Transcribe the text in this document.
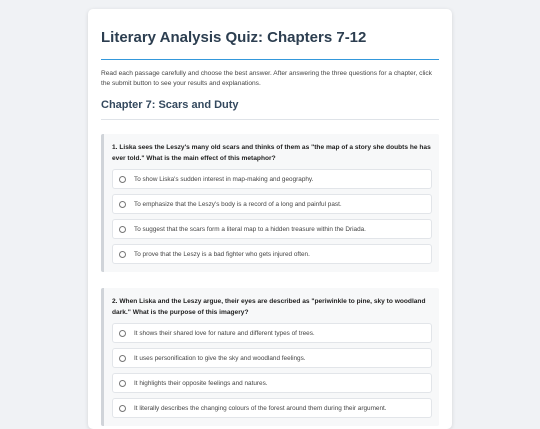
Literary Analysis Quiz: Chapters 7-12

Read each passage carefully and choose the best answer. After answering the three questions for a chapter, click the submit button to see your results and explanations.

Chapter 7: Scars and Duty

1. Liska sees the Leszy's many old scars and thinks of them as "the map of a story she doubts he has ever told." What is the main effect of this metaphor?

To show Liska's sudden interest in map-making and geography.
To emphasize that the Leszy's body is a record of a long and painful past.
To suggest that the scars form a literal map to a hidden treasure within the Driada.
To prove that the Leszy is a bad fighter who gets injured often.

2. When Liska and the Leszy argue, their eyes are described as "periwinkle to pine, sky to woodland dark." What is the purpose of this imagery?

It shows their shared love for nature and different types of trees.
It uses personification to give the sky and woodland feelings.
It highlights their opposite feelings and natures.
It literally describes the changing colours of the forest around them during their argument.
